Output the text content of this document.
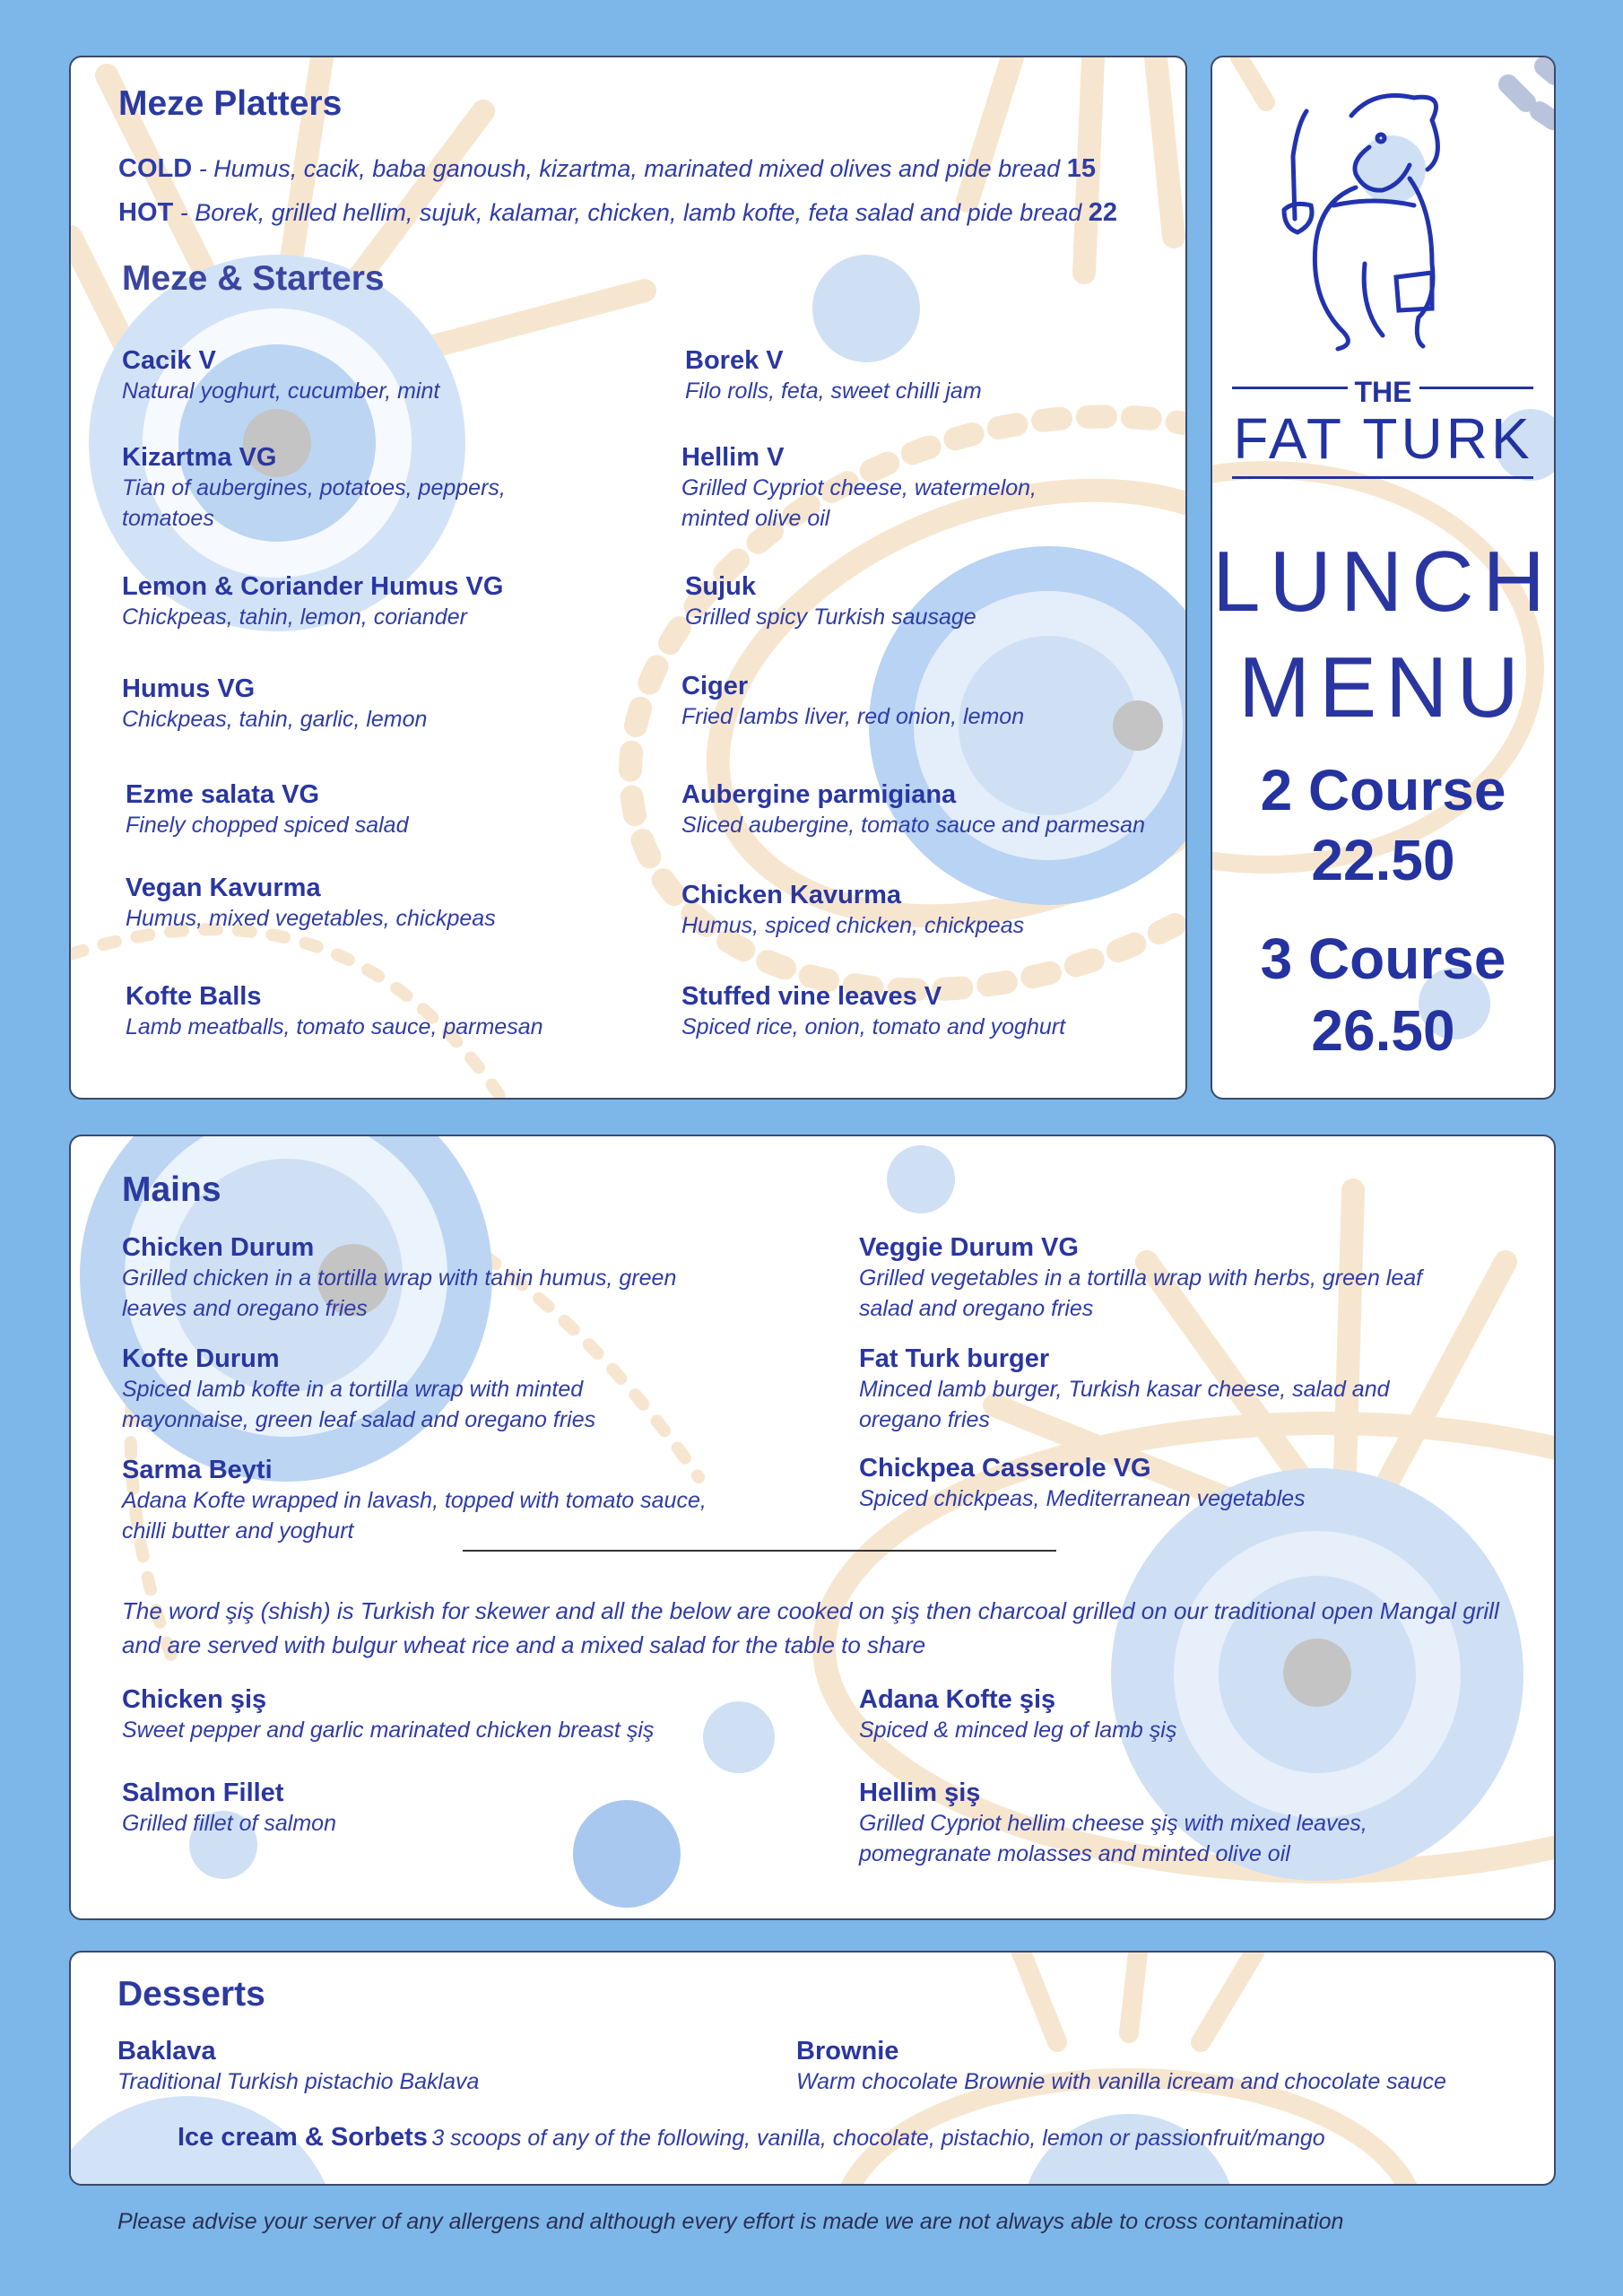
Meze Platters
COLD - Humus, cacik, baba ganoush, kizartma, marinated mixed olives and pide bread 15
HOT - Borek, grilled hellim, sujuk, kalamar, chicken, lamb kofte, feta salad and pide bread 22
Meze & Starters
Cacik V
Natural yoghurt, cucumber, mint
Kizartma VG
Tian of aubergines, potatoes, peppers, tomatoes
Lemon & Coriander Humus VG
Chickpeas, tahin, lemon, coriander
Humus VG
Chickpeas, tahin, garlic, lemon
Ezme salata VG
Finely chopped spiced salad
Vegan Kavurma
Humus, mixed vegetables, chickpeas
Kofte Balls
Lamb meatballs, tomato sauce, parmesan
Borek V
Filo rolls, feta, sweet chilli jam
Hellim V
Grilled Cypriot cheese, watermelon, minted olive oil
Sujuk
Grilled spicy Turkish sausage
Ciger
Fried lambs liver, red onion, lemon
Aubergine parmigiana
Sliced aubergine, tomato sauce and parmesan
Chicken Kavurma
Humus, spiced chicken, chickpeas
Stuffed vine leaves V
Spiced rice, onion, tomato and yoghurt
THE
FAT TURK
LUNCH
MENU
2 Course
22.50
3 Course
26.50
Mains
Chicken Durum
Grilled chicken in a tortilla wrap with tahin humus, green leaves and oregano fries
Kofte Durum
Spiced lamb kofte in a tortilla wrap with minted mayonnaise, green leaf salad and oregano fries
Sarma Beyti
Adana Kofte wrapped in lavash, topped with tomato sauce, chilli butter and yoghurt
Veggie Durum VG
Grilled vegetables in a tortilla wrap with herbs, green leaf salad and oregano fries
Fat Turk burger
Minced lamb burger, Turkish kasar cheese, salad and oregano fries
Chickpea Casserole VG
Spiced chickpeas, Mediterranean vegetables
The word şiş (shish) is Turkish for skewer and all the below are cooked on şiş then charcoal grilled on our traditional open Mangal grill and are served with bulgur wheat rice and a mixed salad for the table to share
Chicken şiş
Sweet pepper and garlic marinated chicken breast şiş
Salmon Fillet
Grilled fillet of salmon
Adana Kofte şiş
Spiced & minced leg of lamb şiş
Hellim şiş
Grilled Cypriot hellim cheese şiş with mixed leaves, pomegranate molasses and minted olive oil
Desserts
Baklava
Traditional Turkish pistachio Baklava
Brownie
Warm chocolate Brownie with vanilla icream and chocolate sauce
Ice cream & Sorbets 3 scoops of any of the following, vanilla, chocolate, pistachio, lemon or passionfruit/mango
Please advise your server of any allergens and although every effort is made we are not always able to cross contamination
